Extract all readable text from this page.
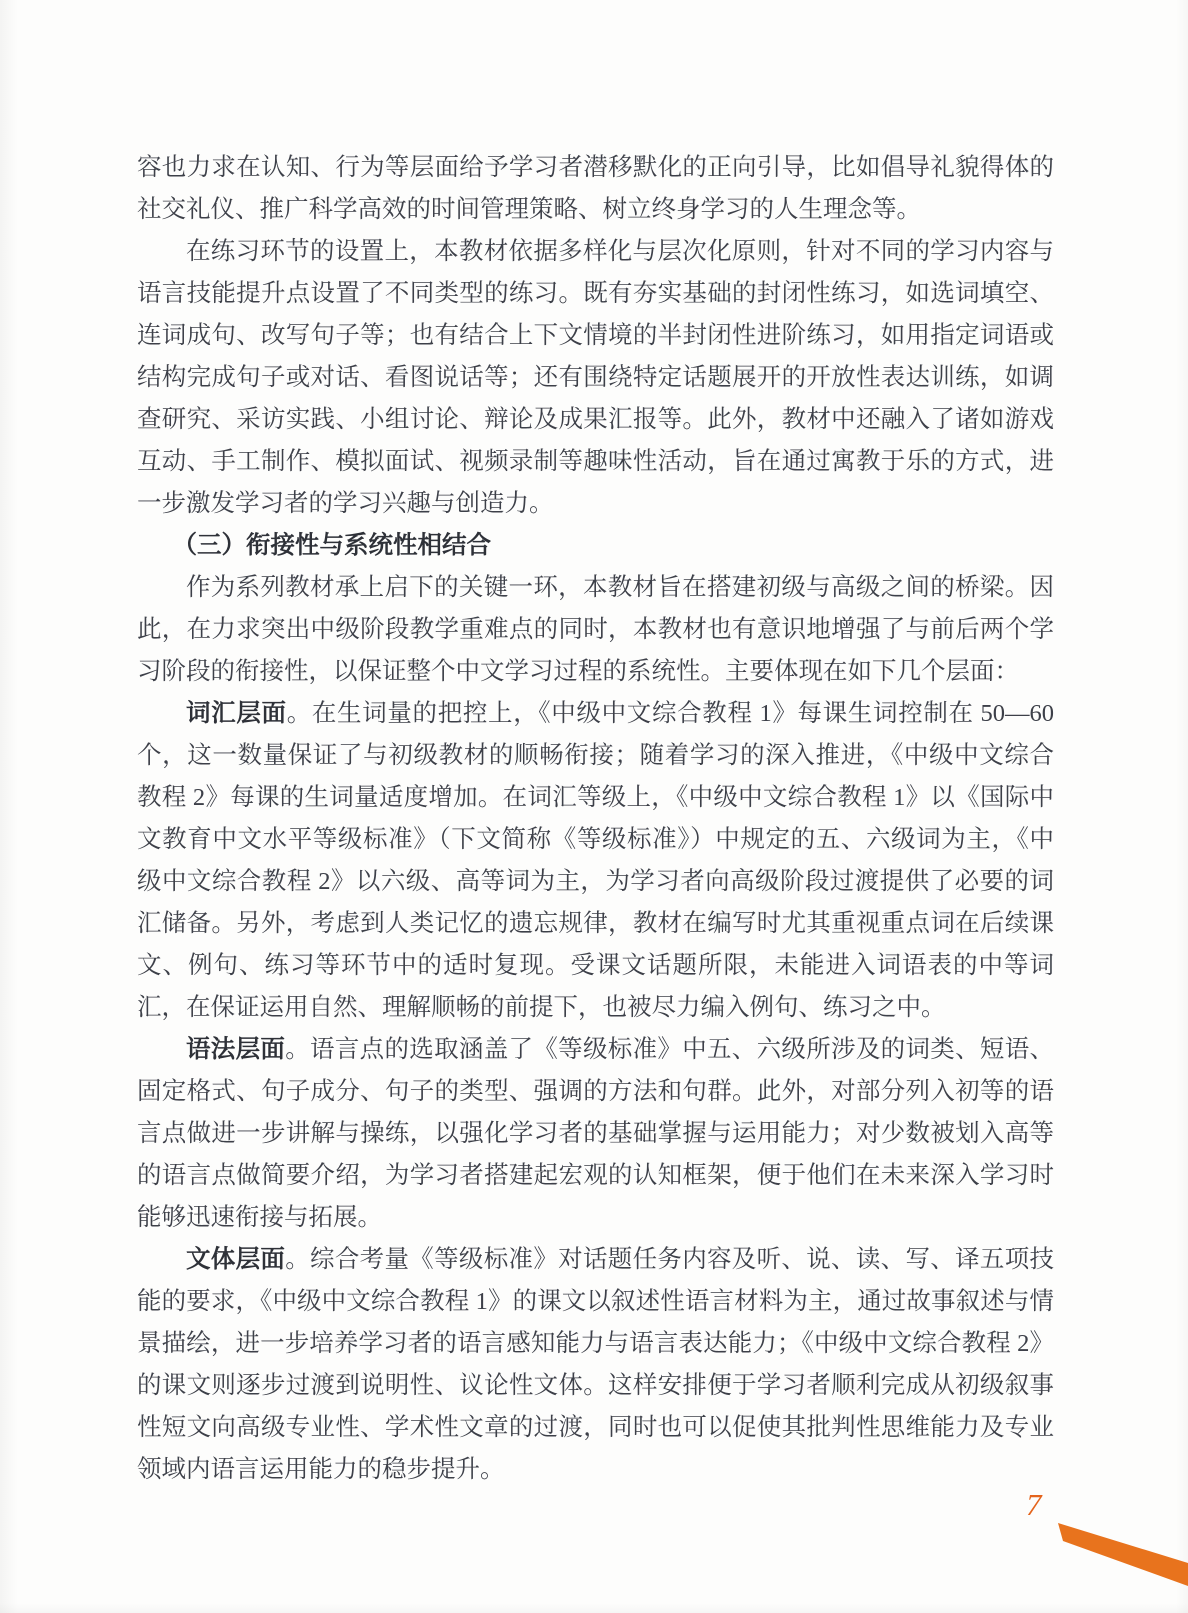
容也力求在认知、行为等层面给予学习者潜移默化的正向引导，比如倡导礼貌得体的社交礼仪、推广科学高效的时间管理策略、树立终身学习的人生理念等。

在练习环节的设置上，本教材依据多样化与层次化原则，针对不同的学习内容与语言技能提升点设置了不同类型的练习。既有夯实基础的封闭性练习，如选词填空、连词成句、改写句子等；也有结合上下文情境的半封闭性进阶练习，如用指定词语或结构完成句子或对话、看图说话等；还有围绕特定话题展开的开放性表达训练，如调查研究、采访实践、小组讨论、辩论及成果汇报等。此外，教材中还融入了诸如游戏互动、手工制作、模拟面试、视频录制等趣味性活动，旨在通过寓教于乐的方式，进一步激发学习者的学习兴趣与创造力。

（三）衔接性与系统性相结合

作为系列教材承上启下的关键一环，本教材旨在搭建初级与高级之间的桥梁。因此，在力求突出中级阶段教学重难点的同时，本教材也有意识地增强了与前后两个学习阶段的衔接性，以保证整个中文学习过程的系统性。主要体现在如下几个层面：

词汇层面。在生词量的把控上，《中级中文综合教程 1》每课生词控制在 50—60 个，这一数量保证了与初级教材的顺畅衔接；随着学习的深入推进，《中级中文综合教程 2》每课的生词量适度增加。在词汇等级上，《中级中文综合教程 1》以《国际中文教育中文水平等级标准》（下文简称《等级标准》）中规定的五、六级词为主，《中级中文综合教程 2》以六级、高等词为主，为学习者向高级阶段过渡提供了必要的词汇储备。另外，考虑到人类记忆的遗忘规律，教材在编写时尤其重视重点词在后续课文、例句、练习等环节中的适时复现。受课文话题所限，未能进入词语表的中等词汇，在保证运用自然、理解顺畅的前提下，也被尽力编入例句、练习之中。

语法层面。语言点的选取涵盖了《等级标准》中五、六级所涉及的词类、短语、固定格式、句子成分、句子的类型、强调的方法和句群。此外，对部分列入初等的语言点做进一步讲解与操练，以强化学习者的基础掌握与运用能力；对少数被划入高等的语言点做简要介绍，为学习者搭建起宏观的认知框架，便于他们在未来深入学习时能够迅速衔接与拓展。

文体层面。综合考量《等级标准》对话题任务内容及听、说、读、写、译五项技能的要求，《中级中文综合教程 1》的课文以叙述性语言材料为主，通过故事叙述与情景描绘，进一步培养学习者的语言感知能力与语言表达能力；《中级中文综合教程 2》的课文则逐步过渡到说明性、议论性文体。这样安排便于学习者顺利完成从初级叙事性短文向高级专业性、学术性文章的过渡，同时也可以促使其批判性思维能力及专业领域内语言运用能力的稳步提升。

7
